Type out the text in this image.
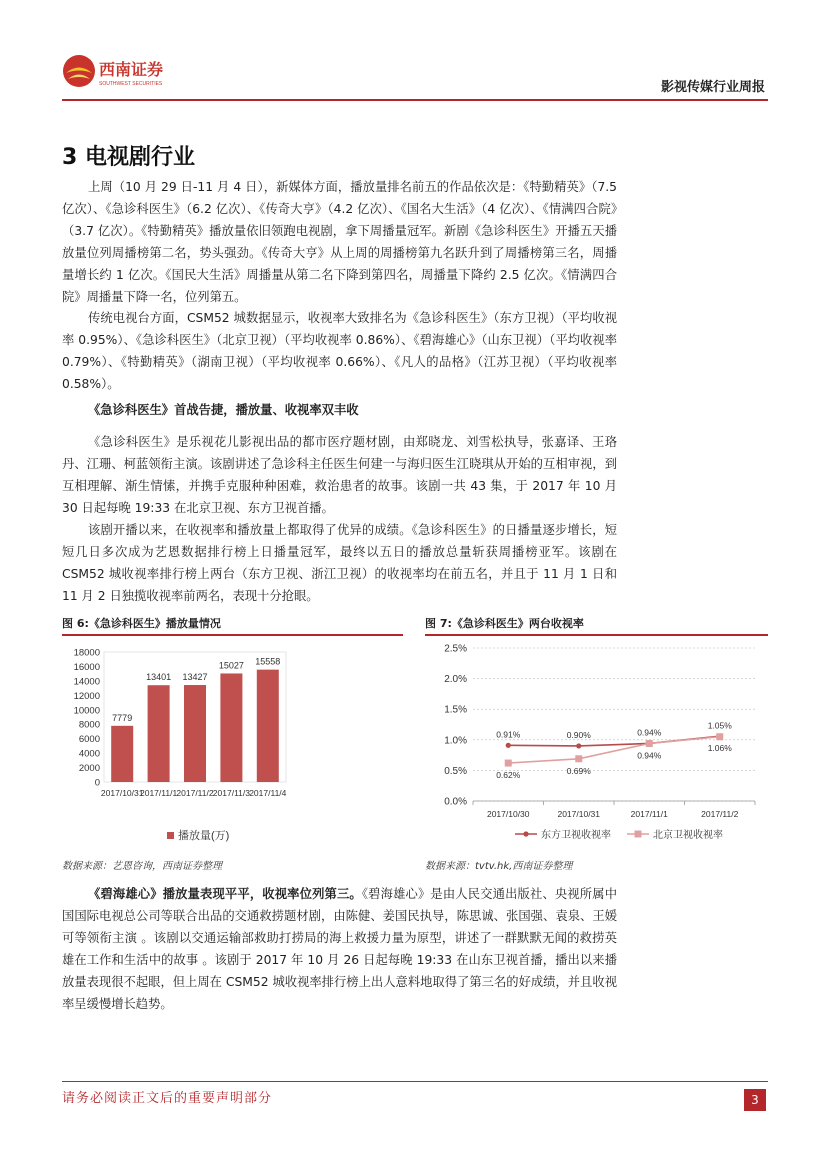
西南证券
SOUTHWEST SECURITIES	影视传媒行业周报
3 电视剧行业

上周（10 月 29 日-11 月 4 日），新媒体方面，播放量排名前五的作品依次是：《特勤精英》（7.5 亿次）、《急诊科医生》（6.2 亿次）、《传奇大亨》（4.2 亿次）、《国名大生活》（4 亿次）、《情满四合院》（3.7 亿次）。《特勤精英》播放量依旧领跑电视剧，拿下周播量冠军。新剧《急诊科医生》开播五天播放量位列周播榜第二名，势头强劲。《传奇大亨》从上周的周播榜第九名跃升到了周播榜第三名，周播量增长约 1 亿次。《国民大生活》周播量从第二名下降到第四名，周播量下降约 2.5 亿次。《情满四合院》周播量下降一名，位列第五。

传统电视台方面，CSM52 城数据显示，收视率大致排名为《急诊科医生》（东方卫视）（平均收视率 0.95%）、《急诊科医生》（北京卫视）（平均收视率 0.86%）、《碧海雄心》（山东卫视）（平均收视率 0.79%）、《特勤精英》（湖南卫视）（平均收视率 0.66%）、《凡人的品格》（江苏卫视）（平均收视率 0.58%）。

《急诊科医生》首战告捷，播放量、收视率双丰收

《急诊科医生》是乐视花儿影视出品的都市医疗题材剧，由郑晓龙、刘雪松执导，张嘉译、王珞丹、江珊、柯蓝领衔主演。该剧讲述了急诊科主任医生何建一与海归医生江晓琪从开始的互相审视，到互相理解、渐生情愫，并携手克服种种困难，救治患者的故事。该剧一共 43 集，于 2017 年 10 月 30 日起每晚 19:33 在北京卫视、东方卫视首播。

该剧开播以来，在收视率和播放量上都取得了优异的成绩。《急诊科医生》的日播量逐步增长，短短几日多次成为艺恩数据排行榜上日播量冠军，最终以五日的播放总量斩获周播榜亚军。该剧在 CSM52 城收视率排行榜上两台（东方卫视、浙江卫视）的收视率均在前五名，并且于 11 月 1 日和 11 月 2 日独揽收视率前两名，表现十分抢眼。

图 6:《急诊科医生》播放量情况
0
2000
4000
6000
8000
10000
12000
14000
16000
18000
7779
2017/10/31
13401
2017/11/1
13427
2017/11/2
15027
2017/11/3
15558
2017/11/4
播放量(万)
数据来源：艺恩咨询，西南证券整理
图 7:《急诊科医生》两台收视率
0.0%
0.5%
1.0%
1.5%
2.0%
2.5%
2017/10/30	2017/10/31	2017/11/1	2017/11/2
0.91%	0.90%
0.94%
1.06%
0.62%	0.69%
0.94%
1.05%
东方卫视收视率	北京卫视收视率
数据来源：tvtv.hk,西南证券整理

《碧海雄心》播放量表现平平，收视率位列第三。《碧海雄心》是由人民交通出版社、央视所属中国国际电视总公司等联合出品的交通救捞题材剧，由陈健、姜国民执导，陈思诚、张国强、袁泉、王媛可等领衔主演 。该剧以交通运输部救助打捞局的海上救援力量为原型，讲述了一群默默无闻的救捞英雄在工作和生活中的故事 。该剧于 2017 年 10 月 26 日起每晚 19:33 在山东卫视首播，播出以来播放量表现很不起眼，但上周在 CSM52 城收视率排行榜上出人意料地取得了第三名的好成绩，并且收视率呈缓慢增长趋势。

请务必阅读正文后的重要声明部分	3
